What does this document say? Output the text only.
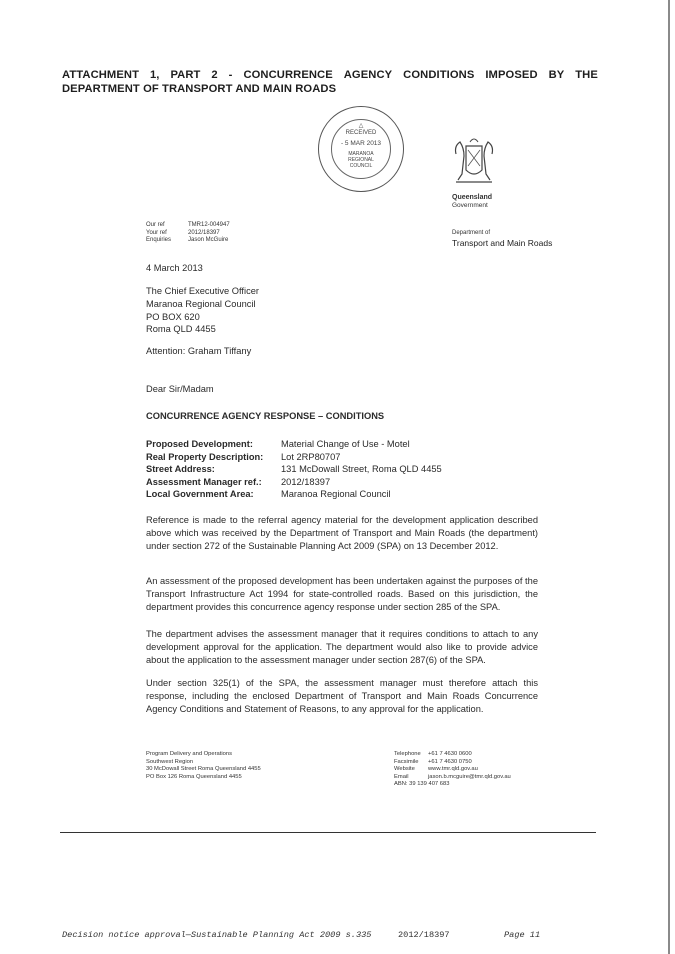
ATTACHMENT 1, PART 2 - CONCURRENCE AGENCY CONDITIONS IMPOSED BY THE
DEPARTMENT OF TRANSPORT AND MAIN ROADS
△
RECEIVED
- 5 MAR 2013
MARANOA
REGIONAL
COUNCIL
Queensland
Government
Department of
Transport and Main Roads
Our ref	TMR12-004947
Your ref	2012/18397
Enquiries	Jason McGuire
4 March 2013
The Chief Executive Officer
Maranoa Regional Council
PO BOX 620
Roma QLD 4455
Attention: Graham Tiffany
Dear Sir/Madam
CONCURRENCE AGENCY RESPONSE – CONDITIONS
Proposed Development:	Material Change of Use - Motel
Real Property Description:	Lot 2RP80707
Street Address:	131 McDowall Street, Roma QLD 4455
Assessment Manager ref.:	2012/18397
Local Government Area:	Maranoa Regional Council
Reference is made to the referral agency material for the development application described above which was received by the Department of Transport and Main Roads (the department) under section 272 of the Sustainable Planning Act 2009 (SPA) on 13 December 2012.
An assessment of the proposed development has been undertaken against the purposes of the Transport Infrastructure Act 1994 for state-controlled roads. Based on this jurisdiction, the department provides this concurrence agency response under section 285 of the SPA.
The department advises the assessment manager that it requires conditions to attach to any development approval for the application. The department would also like to provide advice about the application to the assessment manager under section 287(6) of the SPA.
Under section 325(1) of the SPA, the assessment manager must therefore attach this response, including the enclosed Department of Transport and Main Roads Concurrence Agency Conditions and Statement of Reasons, to any approval for the application.
Program Delivery and Operations
Southwest Region
30 McDowall Street Roma Queensland 4455
PO Box 126 Roma Queensland 4455
Telephone	+61 7 4630 0600
Facsimile	+61 7 4630 0750
Website	www.tmr.qld.gov.au
Email	jason.b.mcguire@tmr.qld.gov.au
ABN: 39 139 407 683
Decision notice approval—Sustainable Planning Act 2009 s.335	2012/18397	Page 11
